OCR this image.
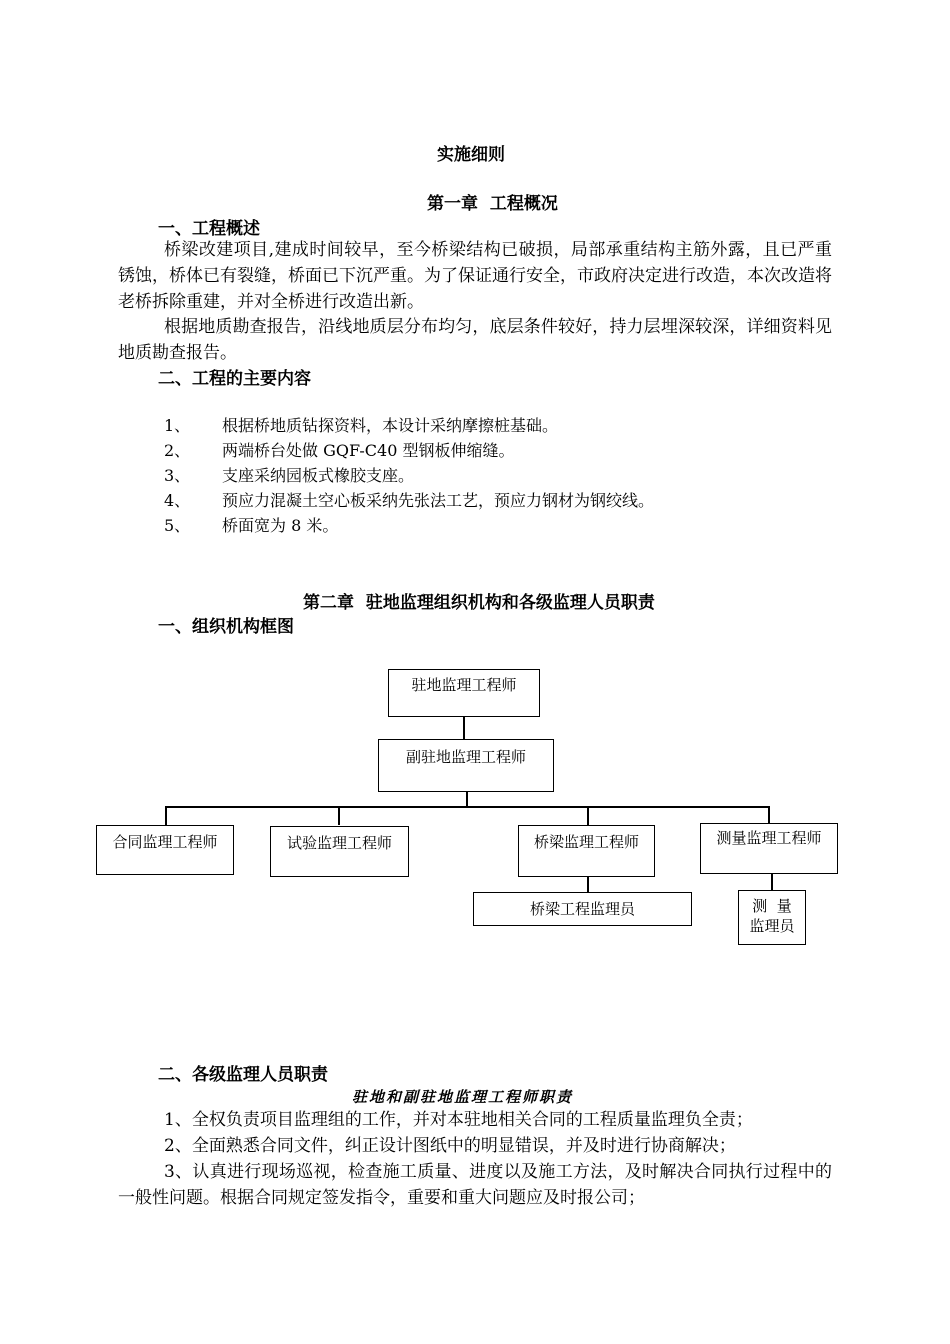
实施细则
第一章  工程概况
一、工程概述
桥梁改建项目,建成时间较早，至今桥梁结构已破损，局部承重结构主筋外露，且已严重锈蚀，桥体已有裂缝，桥面已下沉严重。为了保证通行安全，市政府决定进行改造，本次改造将老桥拆除重建，并对全桥进行改造出新。
根据地质勘查报告，沿线地质层分布均匀，底层条件较好，持力层埋深较深，详细资料见地质勘查报告。
二、工程的主要内容
1、 根据桥地质钻探资料，本设计采纳摩擦桩基础。
2、 两端桥台处做 GQF-C40 型钢板伸缩缝。
3、 支座采纳园板式橡胶支座。
4、 预应力混凝土空心板采纳先张法工艺，预应力钢材为钢绞线。
5、 桥面宽为 8 米。
第二章  驻地监理组织机构和各级监理人员职责
一、组织机构框图
驻地监理工程师
副驻地监理工程师
合同监理工程师	试验监理工程师	桥梁监理工程师	测量监理工程师
桥梁工程监理员	测  量
监理员
二、各级监理人员职责
驻地和副驻地监理工程师职责
1、全权负责项目监理组的工作，并对本驻地相关合同的工程质量监理负全责；
2、全面熟悉合同文件，纠正设计图纸中的明显错误，并及时进行协商解决；
3、认真进行现场巡视，检查施工质量、进度以及施工方法，及时解决合同执行过程中的一般性问题。根据合同规定签发指令，重要和重大问题应及时报公司；
